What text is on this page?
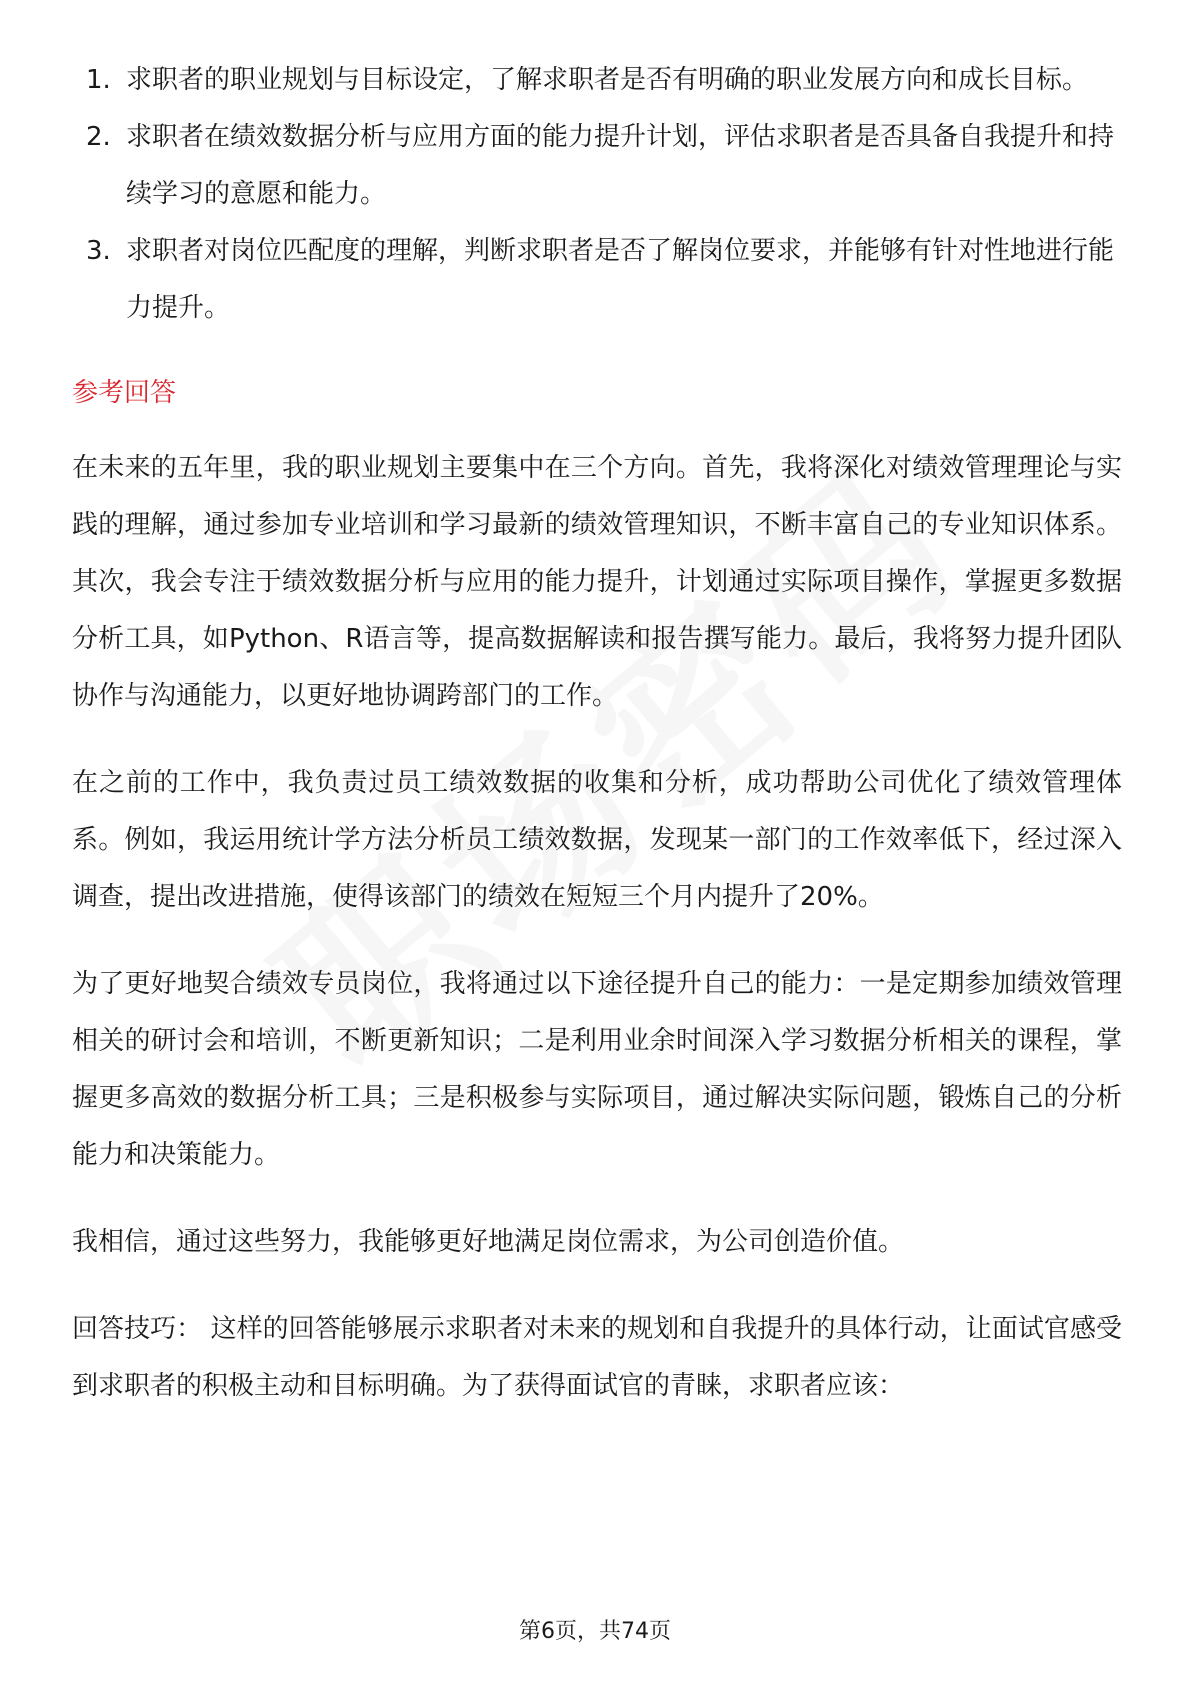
1. 求职者的职业规划与目标设定，了解求职者是否有明确的职业发展方向和成长目标。
2. 求职者在绩效数据分析与应用方面的能力提升计划，评估求职者是否具备自我提升和持续学习的意愿和能力。
3. 求职者对岗位匹配度的理解，判断求职者是否了解岗位要求，并能够有针对性地进行能力提升。
参考回答

在未来的五年里，我的职业规划主要集中在三个方向。首先，我将深化对绩效管理理论与实践的理解，通过参加专业培训和学习最新的绩效管理知识，不断丰富自己的专业知识体系。其次，我会专注于绩效数据分析与应用的能力提升，计划通过实际项目操作，掌握更多数据分析工具，如Python、R语言等，提高数据解读和报告撰写能力。最后，我将努力提升团队协作与沟通能力，以更好地协调跨部门的工作。

在之前的工作中，我负责过员工绩效数据的收集和分析，成功帮助公司优化了绩效管理体系。例如，我运用统计学方法分析员工绩效数据，发现某一部门的工作效率低下，经过深入调查，提出改进措施，使得该部门的绩效在短短三个月内提升了20%。

为了更好地契合绩效专员岗位，我将通过以下途径提升自己的能力：一是定期参加绩效管理相关的研讨会和培训，不断更新知识；二是利用业余时间深入学习数据分析相关的课程，掌握更多高效的数据分析工具；三是积极参与实际项目，通过解决实际问题，锻炼自己的分析能力和决策能力。

我相信，通过这些努力，我能够更好地满足岗位需求，为公司创造价值。

回答技巧： 这样的回答能够展示求职者对未来的规划和自我提升的具体行动，让面试官感受到求职者的积极主动和目标明确。为了获得面试官的青睐，求职者应该：

第6页，共74页
